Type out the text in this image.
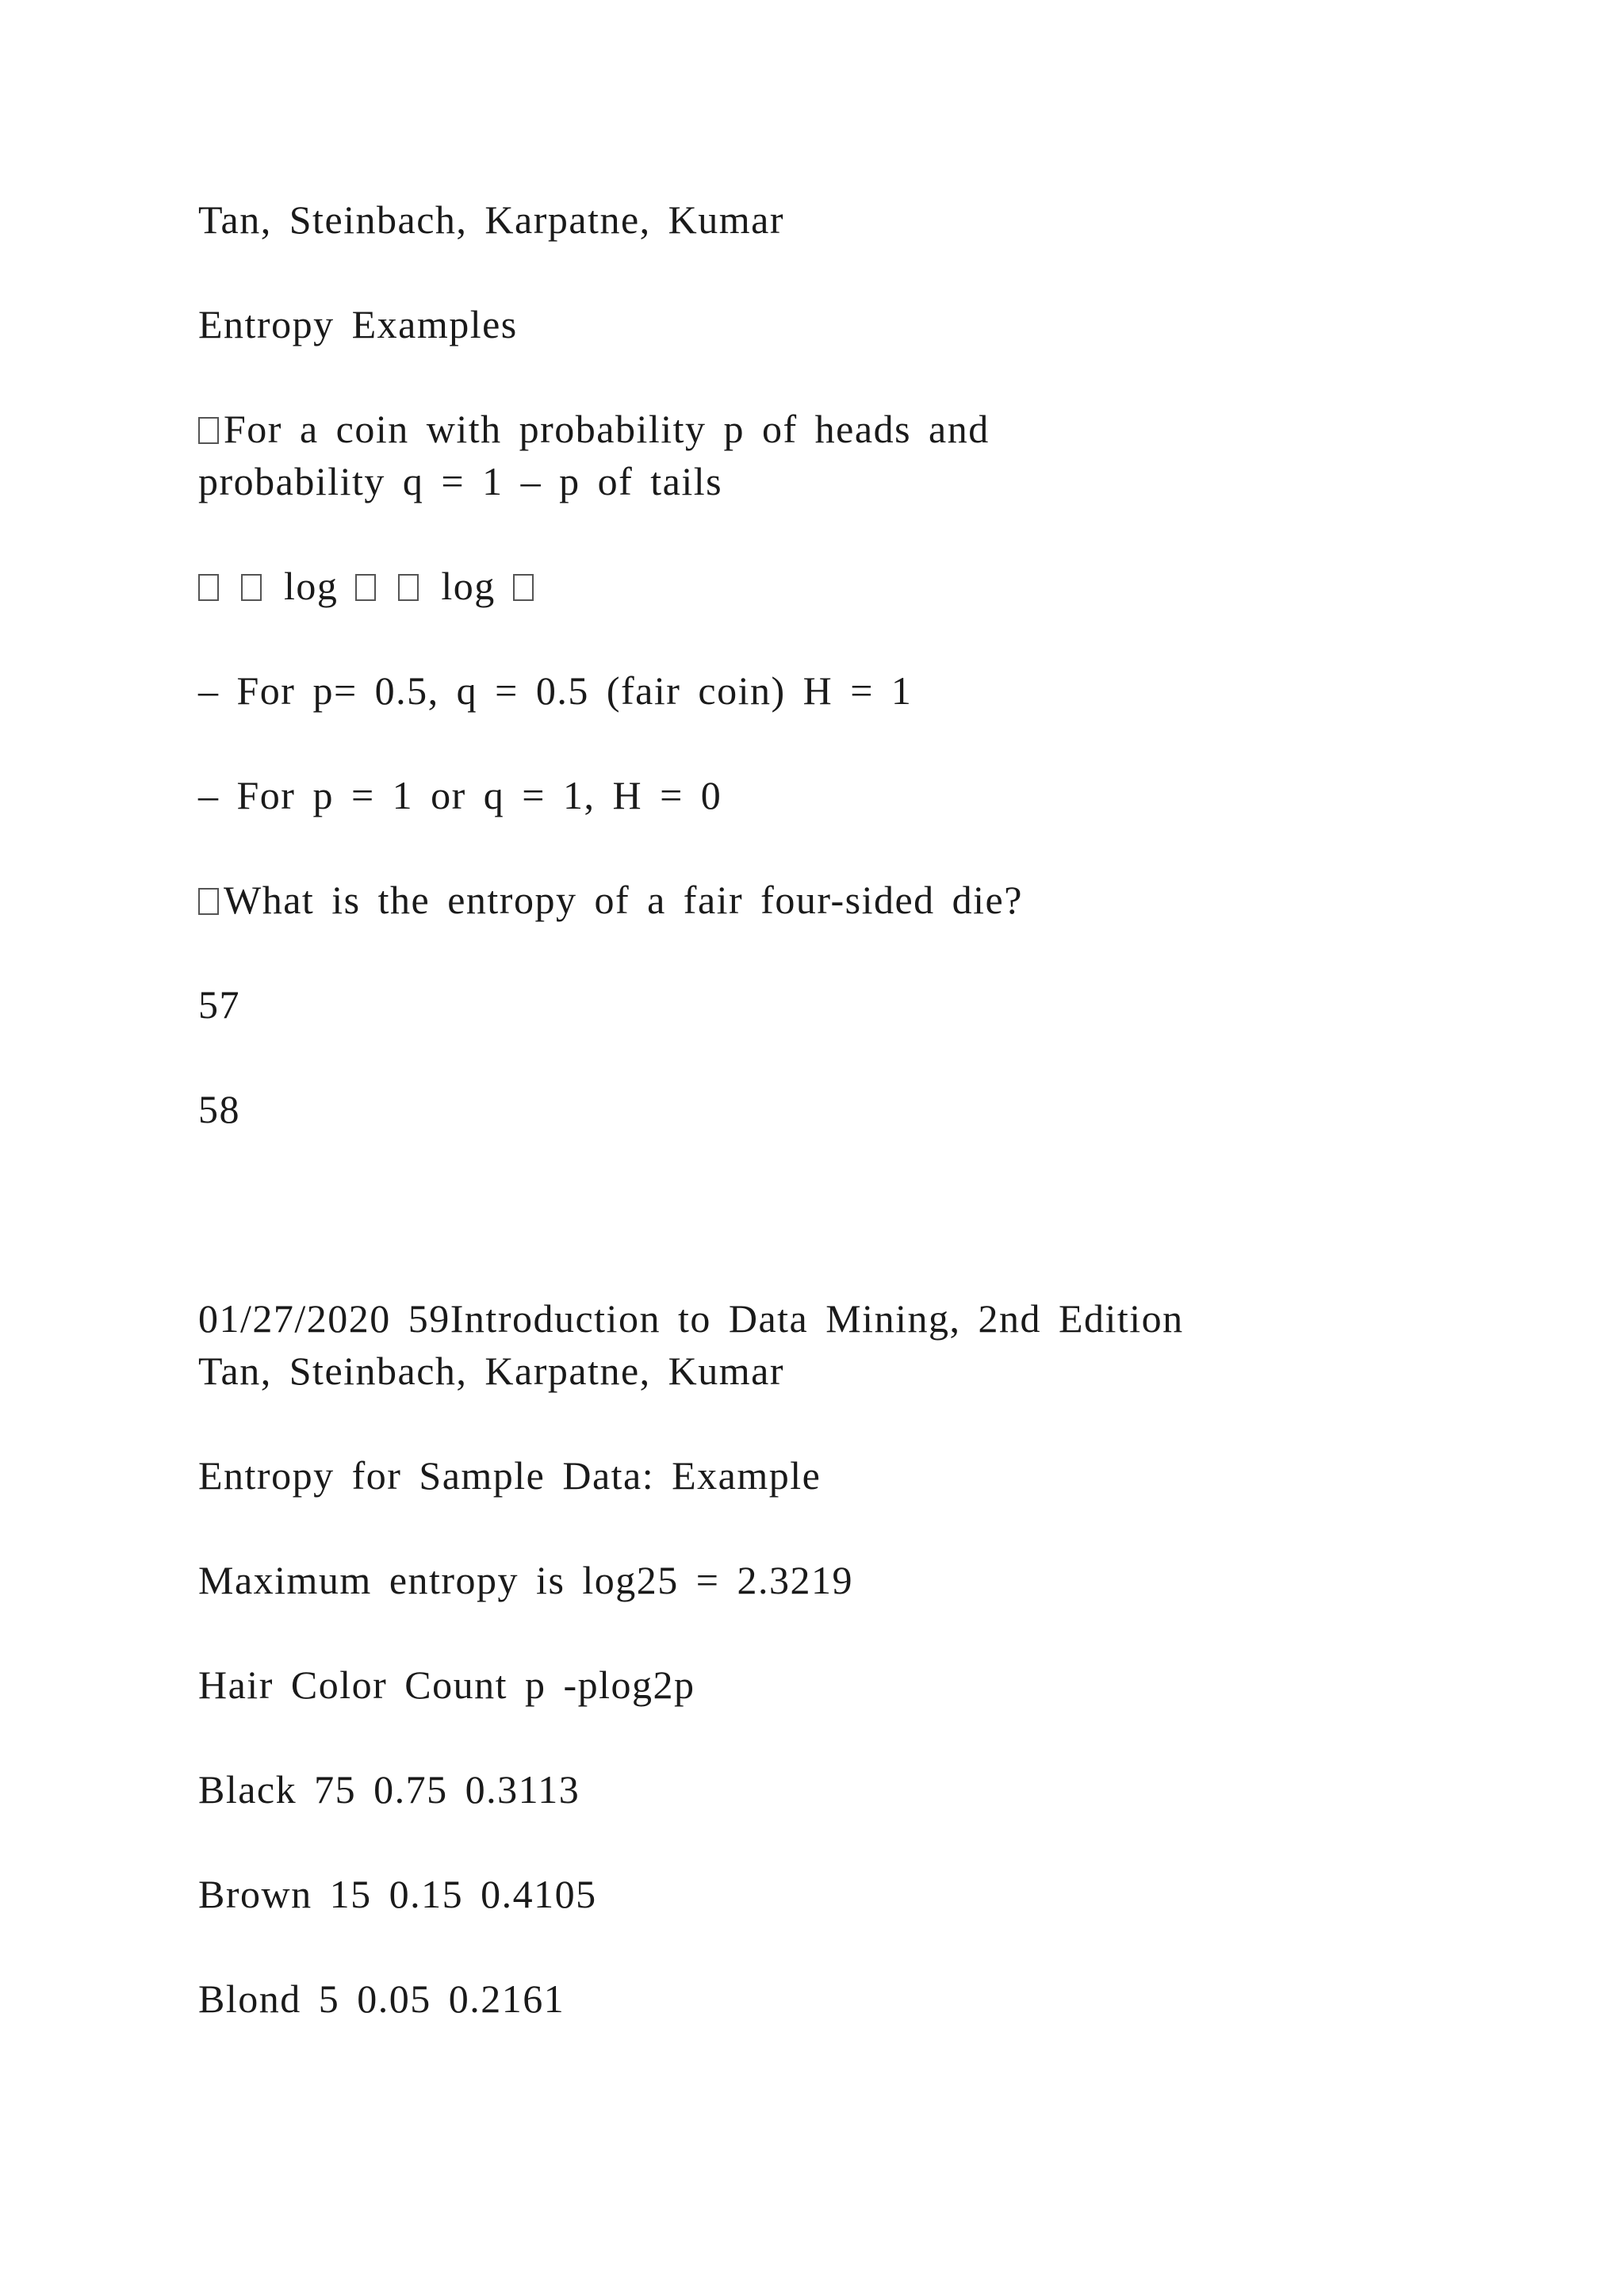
Tan, Steinbach, Karpatne, Kumar
Entropy Examples
For a coin with probability p of heads and
probability q = 1 – p of tails
log	log
– For p= 0.5, q = 0.5 (fair coin) H = 1
– For p = 1 or q = 1, H = 0
What is the entropy of a fair four-sided die?
57
58
01/27/2020 59Introduction to Data Mining, 2nd Edition
Tan, Steinbach, Karpatne, Kumar
Entropy for Sample Data: Example
Maximum entropy is log25 = 2.3219
Hair Color Count p -plog2p
Black 75 0.75 0.3113
Brown 15 0.15 0.4105
Blond 5 0.05 0.2161
